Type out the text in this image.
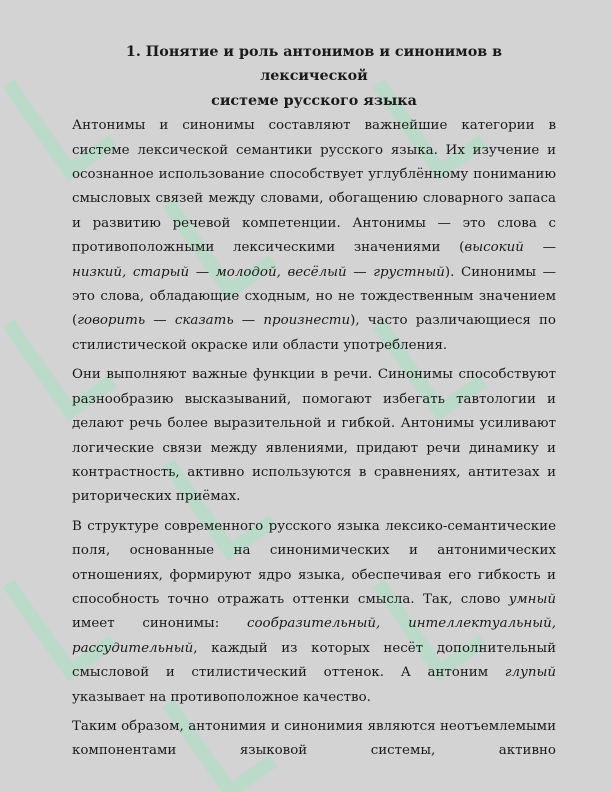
1. Понятие и роль антонимов и синонимов в лексической
системе русского языка

Антонимы и синонимы составляют важнейшие категории в системе лексической семантики русского языка. Их изучение и осознанное использование способствует углублённому пониманию смысловых связей между словами, обогащению словарного запаса и развитию речевой компетенции. Антонимы — это слова с противоположными лексическими значениями (высокий — низкий, старый — молодой, весёлый — грустный). Синонимы — это слова, обладающие сходным, но не тождественным значением (говорить — сказать — произнести), часто различающиеся по стилистической окраске или области употребления.

Они выполняют важные функции в речи. Синонимы способствуют разнообразию высказываний, помогают избегать тавтологии и делают речь более выразительной и гибкой. Антонимы усиливают логические связи между явлениями, придают речи динамику и контрастность, активно используются в сравнениях, антитезах и риторических приёмах.

В структуре современного русского языка лексико-семантические поля, основанные на синонимических и антонимических отношениях, формируют ядро языка, обеспечивая его гибкость и способность точно отражать оттенки смысла. Так, слово умный имеет синонимы: сообразительный, интеллектуальный, рассудительный, каждый из которых несёт дополнительный смысловой и стилистический оттенок. А антоним глупый указывает на противоположное качество.

Таким образом, антонимия и синонимия являются неотъемлемыми компонентами языковой системы, активно
